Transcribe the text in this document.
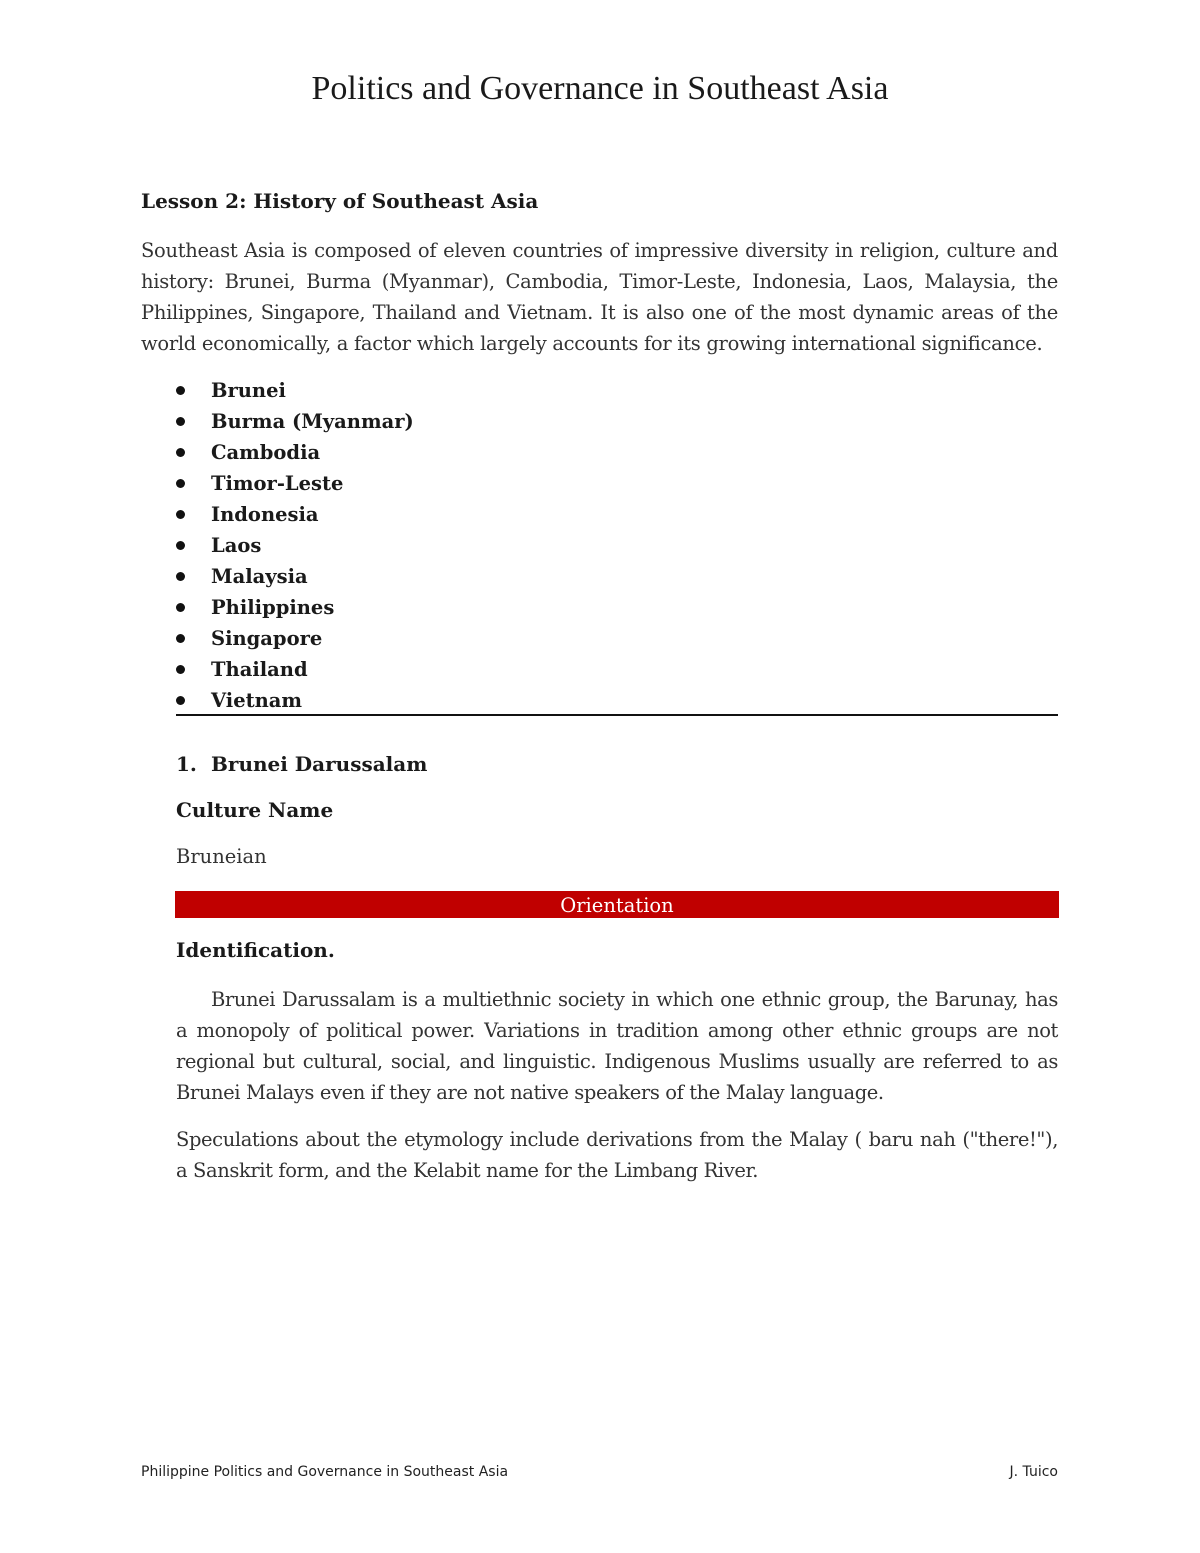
Politics and Governance in Southeast Asia
Lesson 2: History of Southeast Asia

Southeast Asia is composed of eleven countries of impressive diversity in religion, culture and history: Brunei, Burma (Myanmar), Cambodia, Timor-Leste, Indonesia, Laos, Malaysia, the Philippines, Singapore, Thailand and Vietnam. It is also one of the most dynamic areas of the world economically, a factor which largely accounts for its growing international significance.

Brunei
Burma (Myanmar)
Cambodia
Timor-Leste
Indonesia
Laos
Malaysia
Philippines
Singapore
Thailand
Vietnam
1. Brunei Darussalam
Culture Name

Bruneian

Orientation
Identification.

Brunei Darussalam is a multiethnic society in which one ethnic group, the Barunay, has a monopoly of political power. Variations in tradition among other ethnic groups are not regional but cultural, social, and linguistic. Indigenous Muslims usually are referred to as Brunei Malays even if they are not native speakers of the Malay language.

Speculations about the etymology include derivations from the Malay ( baru nah ("there!"), a Sanskrit form, and the Kelabit name for the Limbang River.

Philippine Politics and Governance in Southeast Asia	J. Tuico
